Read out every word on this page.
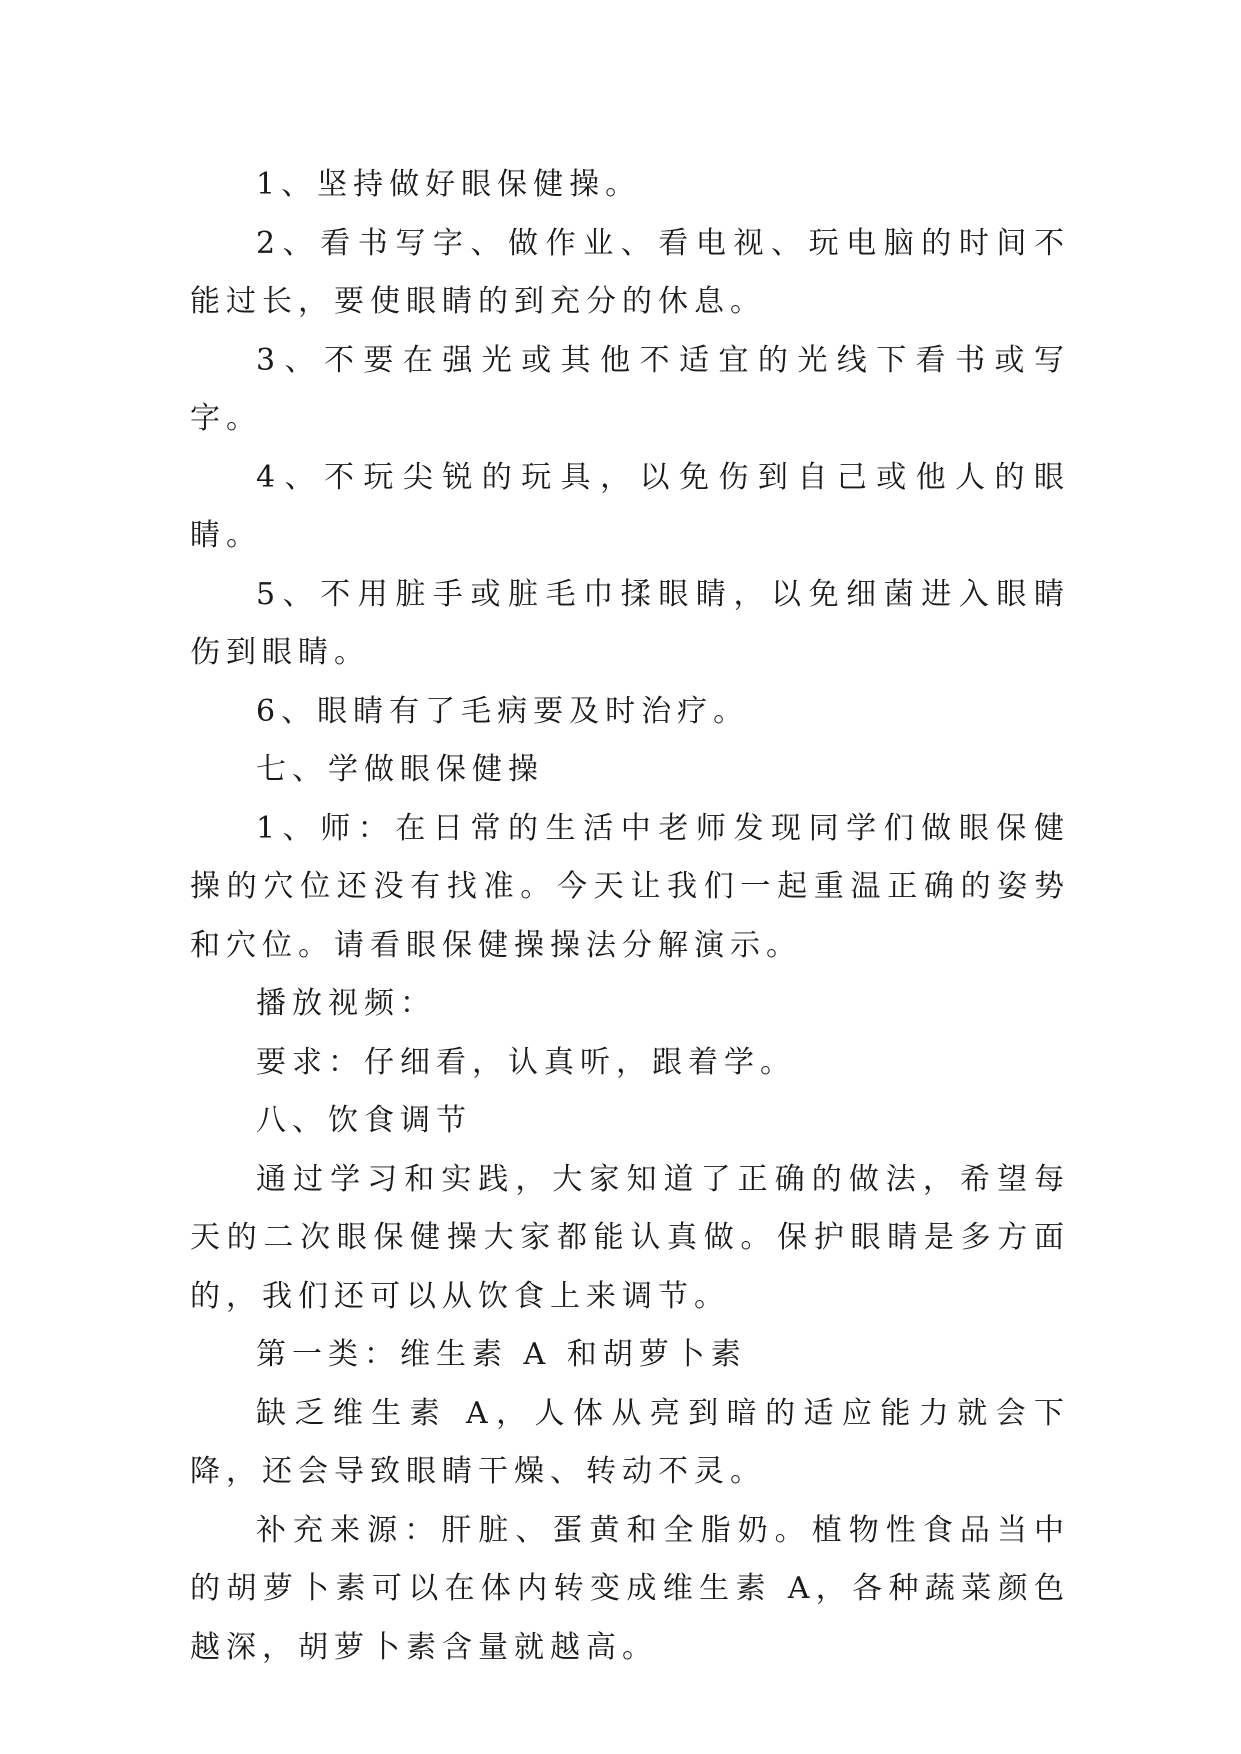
1、坚持做好眼保健操。

2、看书写字、做作业、看电视、玩电脑的时间不能过长，要使眼睛的到充分的休息。

3、不要在强光或其他不适宜的光线下看书或写字。

4、不玩尖锐的玩具，以免伤到自己或他人的眼睛。

5、不用脏手或脏毛巾揉眼睛，以免细菌进入眼睛伤到眼睛。

6、眼睛有了毛病要及时治疗。

七、学做眼保健操

1、师：在日常的生活中老师发现同学们做眼保健操的穴位还没有找准。今天让我们一起重温正确的姿势和穴位。请看眼保健操操法分解演示。

播放视频：

要求：仔细看，认真听，跟着学。

八、饮食调节

通过学习和实践，大家知道了正确的做法，希望每天的二次眼保健操大家都能认真做。保护眼睛是多方面的，我们还可以从饮食上来调节。

第一类：维生素 A 和胡萝卜素

缺乏维生素 A，人体从亮到暗的适应能力就会下降，还会导致眼睛干燥、转动不灵。

补充来源：肝脏、蛋黄和全脂奶。植物性食品当中的胡萝卜素可以在体内转变成维生素 A，各种蔬菜颜色越深，胡萝卜素含量就越高。
